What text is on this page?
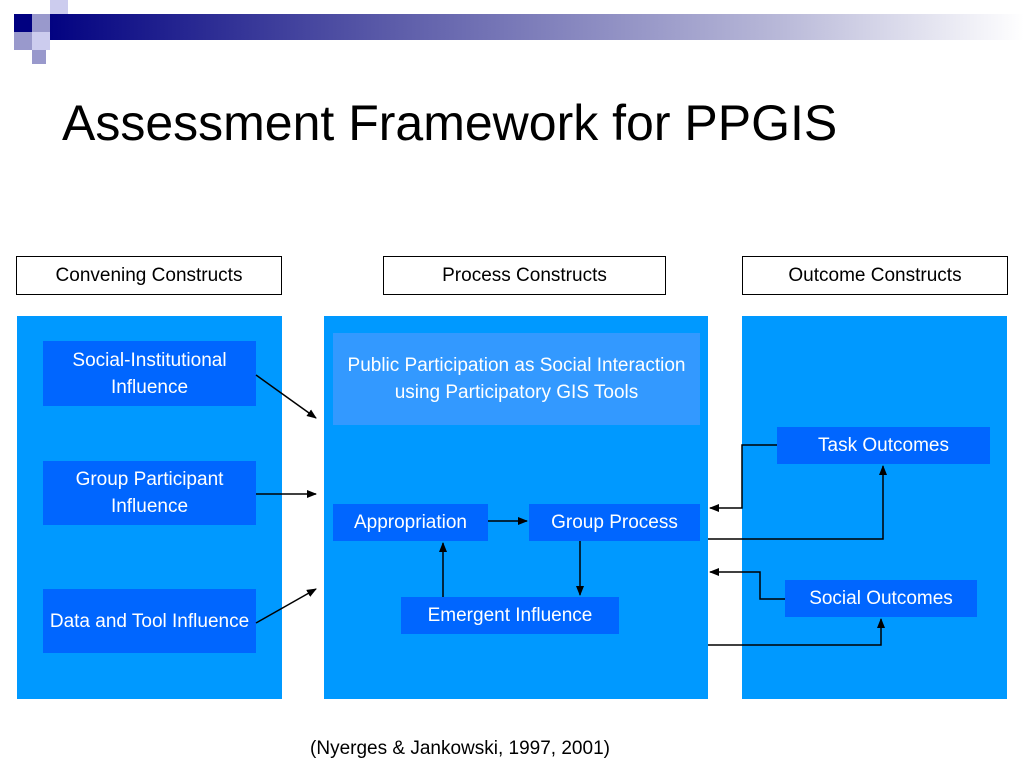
Assessment Framework for PPGIS
Convening Constructs	Process Constructs	Outcome Constructs
Social-Institutional Influence
Group Participant Influence
Data and Tool Influence
Public Participation as Social Interaction using Participatory GIS Tools
Appropriation	Group Process
Emergent Influence
Task Outcomes
Social Outcomes
(Nyerges & Jankowski, 1997, 2001)
